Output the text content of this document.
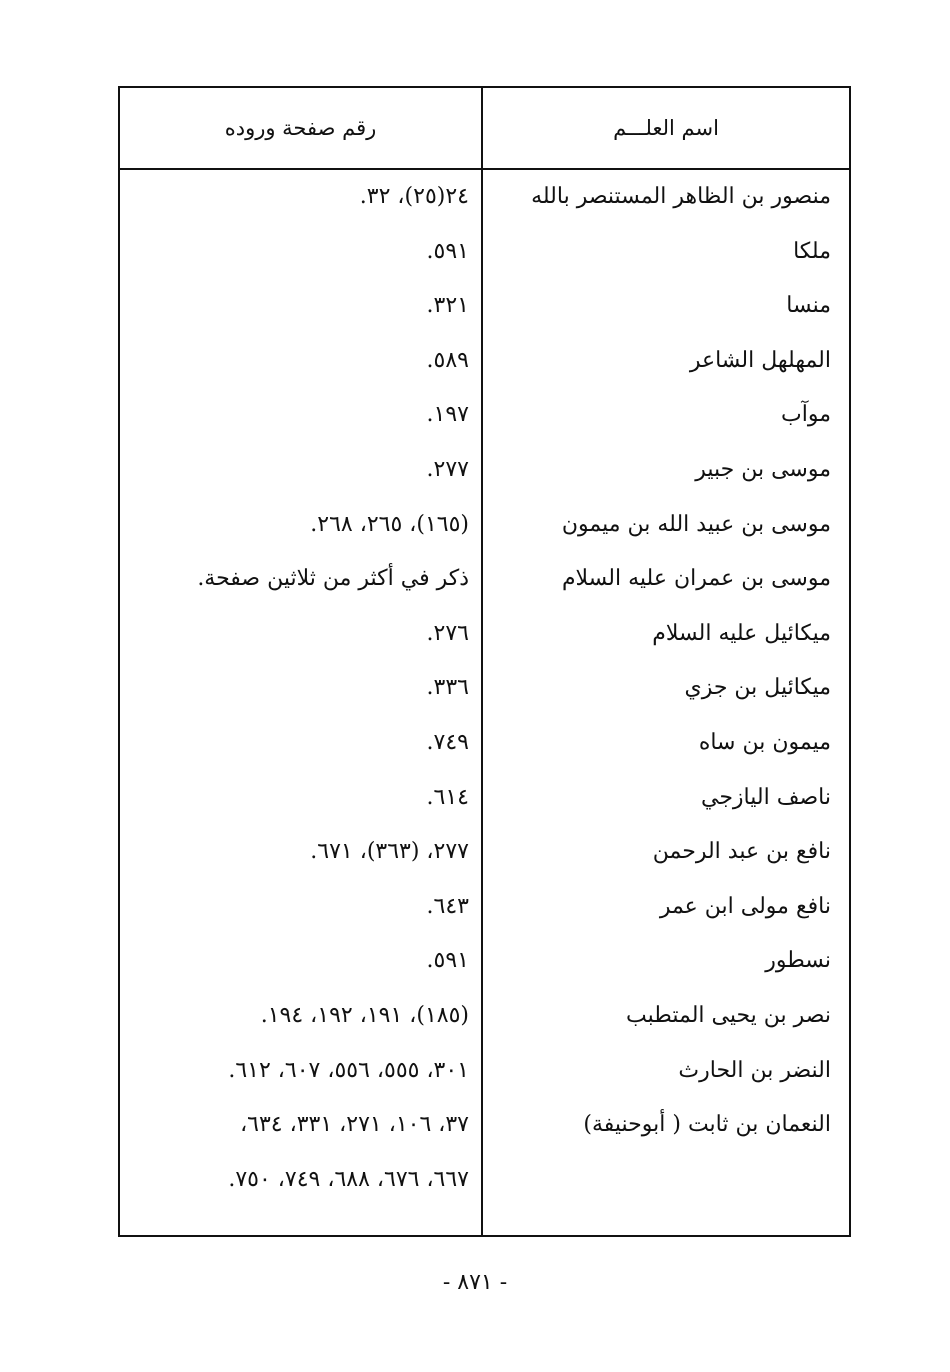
اسم العلـــم
رقم صفحة وروده
منصور بن الظاهر المستنصر بالله
٢٤(٢٥)، ٣٢.
ملكا
٥٩١.
منسا
٣٢١.
المهلهل الشاعر
٥٨٩.
موآب
١٩٧.
موسى بن جبير
٢٧٧.
موسى بن عبيد الله بن ميمون
(١٦٥)، ٢٦٥، ٢٦٨.
موسى بن عمران عليه السلام
ذكر في أكثر من ثلاثين صفحة.
ميكائيل عليه السلام
٢٧٦.
ميكائيل بن جزي
٣٣٦.
ميمون بن ساه
٧٤٩.
ناصف اليازجي
٦١٤.
نافع بن عبد الرحمن
٢٧٧، (٣٦٣)، ٦٧١.
نافع مولى ابن عمر
٦٤٣.
نسطور
٥٩١.
نصر بن يحيى المتطبب
(١٨٥)، ١٩١، ١٩٢، ١٩٤.
النضر بن الحارث
٣٠١، ٥٥٥، ٥٥٦، ٦٠٧، ٦١٢.
النعمان بن ثابت ( أبوحنيفة)
٣٧، ١٠٦، ٢٧١، ٣٣١، ٦٣٤،
٦٦٧، ٦٧٦، ٦٨٨، ٧٤٩، ٧٥٠.
- ٨٧١ -
